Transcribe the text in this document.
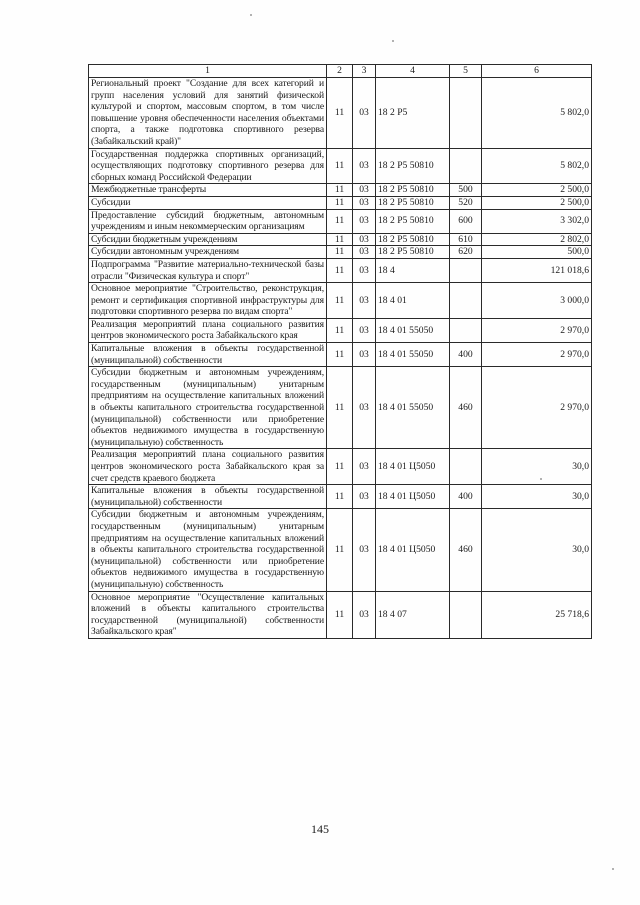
1	2	3	4	5	6
Региональный проект "Создание для всех категорий и групп населения условий для занятий физической культурой и спортом, массовым спортом, в том числе повышение уровня обеспеченности населения объектами спорта, а также подготовка спортивного резерва (Забайкальский край)"	11	03	18 2 P5		5 802,0
Государственная поддержка спортивных организаций, осуществляющих подготовку спортивного резерва для сборных команд Российской Федерации	11	03	18 2 P5 50810		5 802,0
Межбюджетные трансферты	11	03	18 2 P5 50810	500	2 500,0
Субсидии	11	03	18 2 P5 50810	520	2 500,0
Предоставление субсидий бюджетным, автономным учреждениям и иным некоммерческим организациям	11	03	18 2 P5 50810	600	3 302,0
Субсидии бюджетным учреждениям	11	03	18 2 P5 50810	610	2 802,0
Субсидии автономным учреждениям	11	03	18 2 P5 50810	620	500,0
Подпрограмма "Развитие материально-технической базы отрасли "Физическая культура и спорт"	11	03	18 4		121 018,6
Основное мероприятие "Строительство, реконструкция, ремонт и сертификация спортивной инфраструктуры для подготовки спортивного резерва по видам спорта"	11	03	18 4 01		3 000,0
Реализация мероприятий плана социального развития центров экономического роста Забайкальского края	11	03	18 4 01 55050		2 970,0
Капитальные вложения в объекты государственной (муниципальной) собственности	11	03	18 4 01 55050	400	2 970,0
Субсидии бюджетным и автономным учреждениям, государственным (муниципальным) унитарным предприятиям на осуществление капитальных вложений в объекты капитального строительства государственной (муниципальной) собственности или приобретение объектов недвижимого имущества в государственную (муниципальную) собственность	11	03	18 4 01 55050	460	2 970,0
Реализация мероприятий плана социального развития центров экономического роста Забайкальского края за счет средств краевого бюджета	11	03	18 4 01 Ц5050		30,0
Капитальные вложения в объекты государственной (муниципальной) собственности	11	03	18 4 01 Ц5050	400	30,0
Субсидии бюджетным и автономным учреждениям, государственным (муниципальным) унитарным предприятиям на осуществление капитальных вложений в объекты капитального строительства государственной (муниципальной) собственности или приобретение объектов недвижимого имущества в государственную (муниципальную) собственность	11	03	18 4 01 Ц5050	460	30,0
Основное мероприятие "Осуществление капитальных вложений в объекты капитального строительства государственной (муниципальной) собственности Забайкальского края"	11	03	18 4 07		25 718,6
145
